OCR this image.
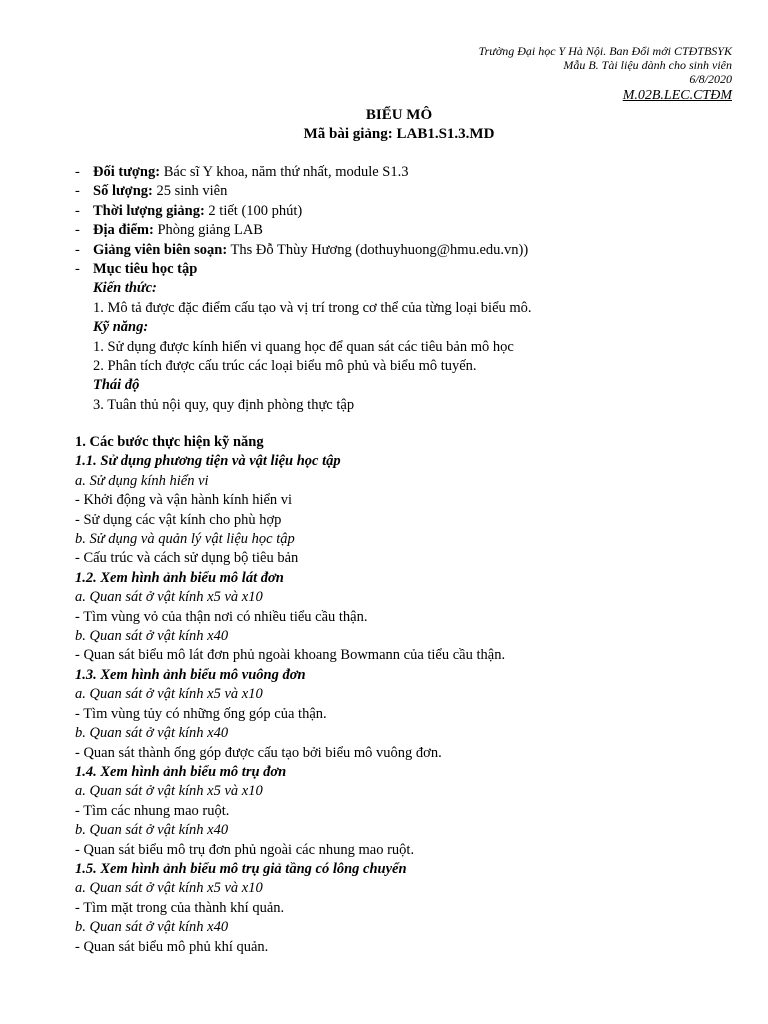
Trường Đại học Y Hà Nội. Ban Đổi mới CTĐTBSYK
Mẫu B. Tài liệu dành cho sinh viên
6/8/2020
M.02B.LEC.CTĐM
BIỂU MÔ
Mã bài giảng: LAB1.S1.3.MD
- Đối tượng: Bác sĩ Y khoa, năm thứ nhất, module S1.3
- Số lượng: 25 sinh viên
- Thời lượng giảng: 2 tiết (100 phút)
- Địa điểm: Phòng giảng LAB
- Giảng viên biên soạn: Ths Đỗ Thùy Hương (dothuyhuong@hmu.edu.vn))
- Mục tiêu học tập
Kiến thức:
1. Mô tả được đặc điểm cấu tạo và vị trí trong cơ thể của từng loại biểu mô.
Kỹ năng:
1. Sử dụng được kính hiển vi quang học để quan sát các tiêu bản mô học
2. Phân tích được cấu trúc các loại biểu mô phủ và biểu mô tuyến.
Thái độ
3. Tuân thủ nội quy, quy định phòng thực tập
1. Các bước thực hiện kỹ năng
1.1. Sử dụng phương tiện và vật liệu học tập
a. Sử dụng kính hiển vi
- Khởi động và vận hành kính hiển vi
- Sử dụng các vật kính cho phù hợp
b. Sử dụng và quản lý vật liệu học tập
- Cấu trúc và cách sử dụng bộ tiêu bản
1.2. Xem hình ảnh biểu mô lát đơn
a. Quan sát ở vật kính x5 và x10
- Tìm vùng vỏ của thận nơi có nhiều tiểu cầu thận.
b. Quan sát ở vật kính x40
- Quan sát biểu mô lát đơn phủ ngoài khoang Bowmann của tiểu cầu thận.
1.3. Xem hình ảnh biểu mô vuông đơn
a. Quan sát ở vật kính x5 và x10
- Tìm vùng tủy có những ống góp của thận.
b. Quan sát ở vật kính x40
- Quan sát thành ống góp được cấu tạo bởi biểu mô vuông đơn.
1.4. Xem hình ảnh biểu mô trụ đơn
a. Quan sát ở vật kính x5 và x10
- Tìm các nhung mao ruột.
b. Quan sát ở vật kính x40
- Quan sát biểu mô trụ đơn phủ ngoài các nhung mao ruột.
1.5. Xem hình ảnh biểu mô trụ giả tầng có lông chuyển
a. Quan sát ở vật kính x5 và x10
- Tìm mặt trong của thành khí quản.
b. Quan sát ở vật kính x40
- Quan sát biểu mô phủ khí quản.
